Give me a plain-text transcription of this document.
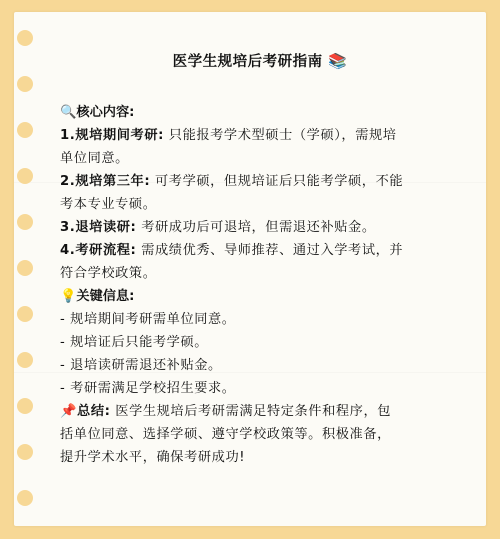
医学生规培后考研指南 📚
🔍核心内容:
1.规培期间考研: 只能报考学术型硕士（学硕），需规培
单位同意。
2.规培第三年: 可考学硕，但规培证后只能考学硕，不能
考本专业专硕。
3.退培读研: 考研成功后可退培，但需退还补贴金。
4.考研流程: 需成绩优秀、导师推荐、通过入学考试，并
符合学校政策。
💡关键信息:
- 规培期间考研需单位同意。
- 规培证后只能考学硕。
- 退培读研需退还补贴金。
- 考研需满足学校招生要求。
📌总结: 医学生规培后考研需满足特定条件和程序，包
括单位同意、选择学硕、遵守学校政策等。积极准备，
提升学术水平，确保考研成功!
